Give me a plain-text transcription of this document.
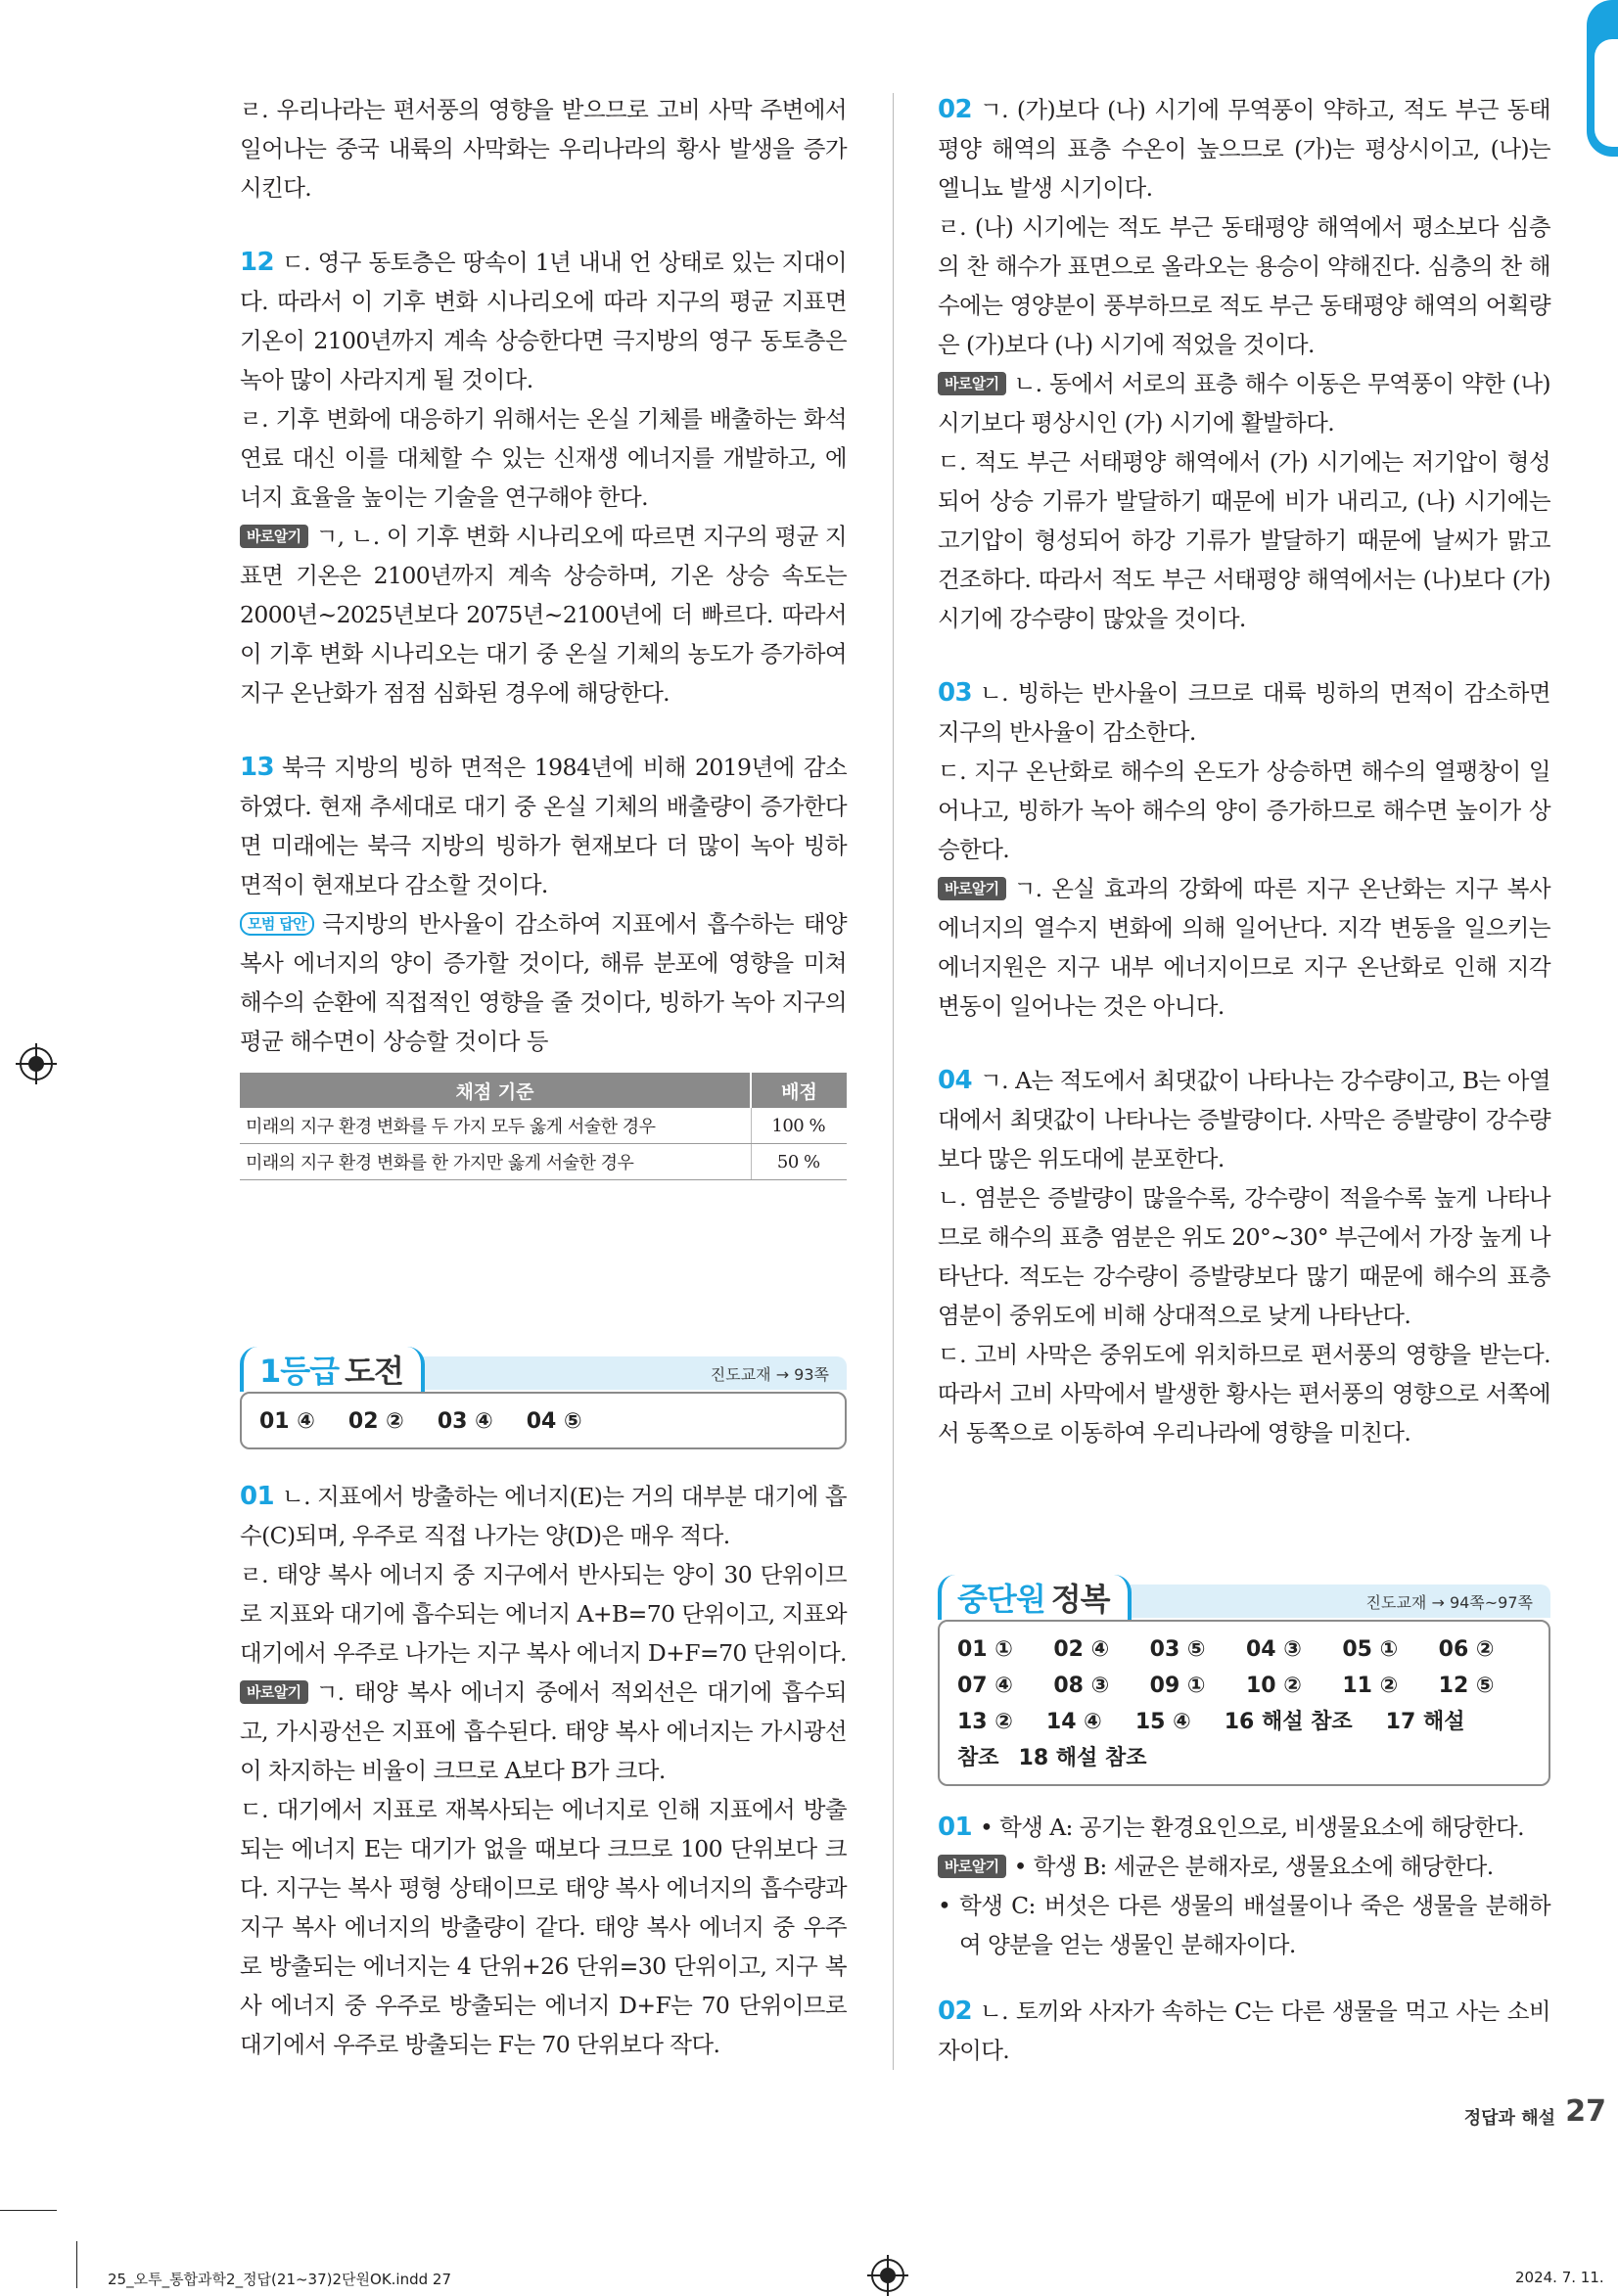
ㄹ. 우리나라는 편서풍의 영향을 받으므로 고비 사막 주변에서 일어나는 중국 내륙의 사막화는 우리나라의 황사 발생을 증가시킨다.

12 ㄷ. 영구 동토층은 땅속이 1년 내내 언 상태로 있는 지대이다. 따라서 이 기후 변화 시나리오에 따라 지구의 평균 지표면 기온이 2100년까지 계속 상승한다면 극지방의 영구 동토층은 녹아 많이 사라지게 될 것이다.

ㄹ. 기후 변화에 대응하기 위해서는 온실 기체를 배출하는 화석 연료 대신 이를 대체할 수 있는 신재생 에너지를 개발하고, 에너지 효율을 높이는 기술을 연구해야 한다.

바로알기 ㄱ, ㄴ. 이 기후 변화 시나리오에 따르면 지구의 평균 지표면 기온은 2100년까지 계속 상승하며, 기온 상승 속도는 2000년~2025년보다 2075년~2100년에 더 빠르다. 따라서 이 기후 변화 시나리오는 대기 중 온실 기체의 농도가 증가하여 지구 온난화가 점점 심화된 경우에 해당한다.

13 북극 지방의 빙하 면적은 1984년에 비해 2019년에 감소하였다. 현재 추세대로 대기 중 온실 기체의 배출량이 증가한다면 미래에는 북극 지방의 빙하가 현재보다 더 많이 녹아 빙하 면적이 현재보다 감소할 것이다.

모범 답안 극지방의 반사율이 감소하여 지표에서 흡수하는 태양 복사 에너지의 양이 증가할 것이다, 해류 분포에 영향을 미쳐 해수의 순환에 직접적인 영향을 줄 것이다, 빙하가 녹아 지구의 평균 해수면이 상승할 것이다 등

채점 기준	배점
미래의 지구 환경 변화를 두 가지 모두 옳게 서술한 경우	100 %
미래의 지구 환경 변화를 한 가지만 옳게 서술한 경우	50 %
1등급 도전	진도교재 → 93쪽
01 ④ 02 ② 03 ④ 04 ⑤

01 ㄴ. 지표에서 방출하는 에너지(E)는 거의 대부분 대기에 흡수(C)되며, 우주로 직접 나가는 양(D)은 매우 적다.

ㄹ. 태양 복사 에너지 중 지구에서 반사되는 양이 30 단위이므로 지표와 대기에 흡수되는 에너지 A+B=70 단위이고, 지표와 대기에서 우주로 나가는 지구 복사 에너지 D+F=70 단위이다.

바로알기 ㄱ. 태양 복사 에너지 중에서 적외선은 대기에 흡수되고, 가시광선은 지표에 흡수된다. 태양 복사 에너지는 가시광선이 차지하는 비율이 크므로 A보다 B가 크다.

ㄷ. 대기에서 지표로 재복사되는 에너지로 인해 지표에서 방출되는 에너지 E는 대기가 없을 때보다 크므로 100 단위보다 크다. 지구는 복사 평형 상태이므로 태양 복사 에너지의 흡수량과 지구 복사 에너지의 방출량이 같다. 태양 복사 에너지 중 우주로 방출되는 에너지는 4 단위+26 단위=30 단위이고, 지구 복사 에너지 중 우주로 방출되는 에너지 D+F는 70 단위이므로 대기에서 우주로 방출되는 F는 70 단위보다 작다.

02 ㄱ. (가)보다 (나) 시기에 무역풍이 약하고, 적도 부근 동태평양 해역의 표층 수온이 높으므로 (가)는 평상시이고, (나)는 엘니뇨 발생 시기이다.

ㄹ. (나) 시기에는 적도 부근 동태평양 해역에서 평소보다 심층의 찬 해수가 표면으로 올라오는 용승이 약해진다. 심층의 찬 해수에는 영양분이 풍부하므로 적도 부근 동태평양 해역의 어획량은 (가)보다 (나) 시기에 적었을 것이다.

바로알기 ㄴ. 동에서 서로의 표층 해수 이동은 무역풍이 약한 (나) 시기보다 평상시인 (가) 시기에 활발하다.

ㄷ. 적도 부근 서태평양 해역에서 (가) 시기에는 저기압이 형성되어 상승 기류가 발달하기 때문에 비가 내리고, (나) 시기에는 고기압이 형성되어 하강 기류가 발달하기 때문에 날씨가 맑고 건조하다. 따라서 적도 부근 서태평양 해역에서는 (나)보다 (가) 시기에 강수량이 많았을 것이다.

03 ㄴ. 빙하는 반사율이 크므로 대륙 빙하의 면적이 감소하면 지구의 반사율이 감소한다.

ㄷ. 지구 온난화로 해수의 온도가 상승하면 해수의 열팽창이 일어나고, 빙하가 녹아 해수의 양이 증가하므로 해수면 높이가 상승한다.

바로알기 ㄱ. 온실 효과의 강화에 따른 지구 온난화는 지구 복사 에너지의 열수지 변화에 의해 일어난다. 지각 변동을 일으키는 에너지원은 지구 내부 에너지이므로 지구 온난화로 인해 지각 변동이 일어나는 것은 아니다.

04 ㄱ. A는 적도에서 최댓값이 나타나는 강수량이고, B는 아열대에서 최댓값이 나타나는 증발량이다. 사막은 증발량이 강수량보다 많은 위도대에 분포한다.

ㄴ. 염분은 증발량이 많을수록, 강수량이 적을수록 높게 나타나므로 해수의 표층 염분은 위도 20°~30° 부근에서 가장 높게 나타난다. 적도는 강수량이 증발량보다 많기 때문에 해수의 표층 염분이 중위도에 비해 상대적으로 낮게 나타난다.

ㄷ. 고비 사막은 중위도에 위치하므로 편서풍의 영향을 받는다. 따라서 고비 사막에서 발생한 황사는 편서풍의 영향으로 서쪽에서 동쪽으로 이동하여 우리나라에 영향을 미친다.

중단원 정복	진도교재 → 94쪽~97쪽
01 ①	02 ④	03 ⑤	04 ③	05 ①	06 ②
07 ④	08 ③	09 ①	10 ②	11 ②	12 ⑤
13 ② 14 ④ 15 ④ 16 해설 참조 17 해설
참조 18 해설 참조

01 • 학생 A: 공기는 환경요인으로, 비생물요소에 해당한다.

바로알기 • 학생 B: 세균은 분해자로, 생물요소에 해당한다.

• 학생 C: 버섯은 다른 생물의 배설물이나 죽은 생물을 분해하여 양분을 얻는 생물인 분해자이다.

02 ㄴ. 토끼와 사자가 속하는 C는 다른 생물을 먹고 사는 소비자이다.

정답과 해설 27
25_오투_통합과학2_정답(21~37)2단원OK.indd 27	2024. 7. 11.
